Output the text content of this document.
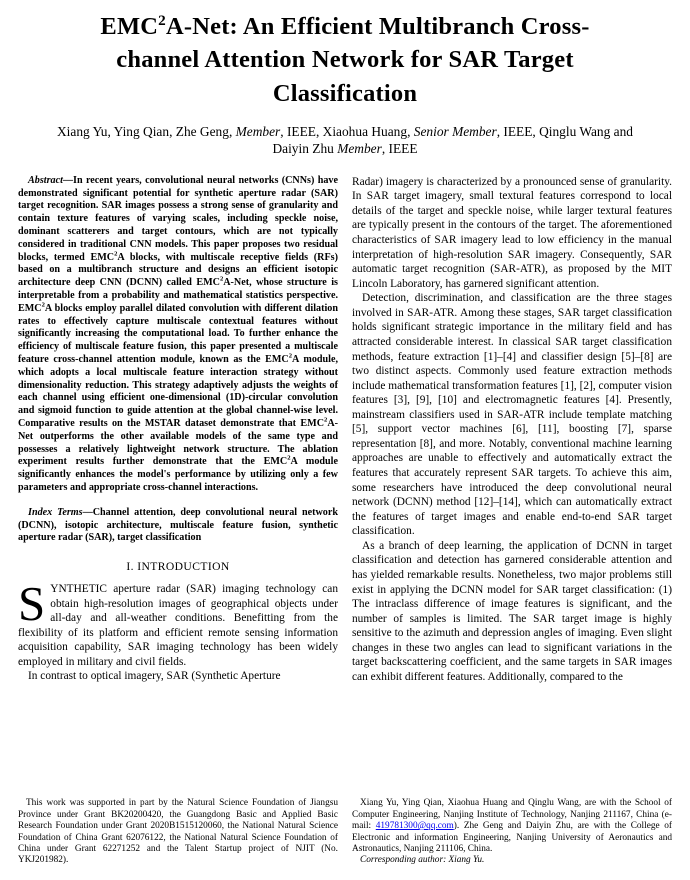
EMC$^2$A-Net: An Efficient Multibranch Cross-channel Attention Network for SAR Target Classification
Xiang Yu, Ying Qian, Zhe Geng, Member, IEEE, Xiaohua Huang, Senior Member, IEEE, Qinglu Wang and Daiyin Zhu Member, IEEE

Abstract—In recent years, convolutional neural networks (CNNs) have demonstrated significant potential for synthetic aperture radar (SAR) target recognition. SAR images possess a strong sense of granularity and contain texture features of varying scales, including speckle noise, dominant scatterers and target contours, which are not typically considered in traditional CNN models. This paper proposes two residual blocks, termed EMC$^2$A blocks, with multiscale receptive fields (RFs) based on a multibranch structure and designs an efficient isotopic architecture deep CNN (DCNN) called EMC$^2$A-Net, whose structure is interpretable from a probability and mathematical statistics perspective. EMC$^2$A blocks employ parallel dilated convolution with different dilation rates to effectively capture multiscale contextual features without significantly increasing the computational load. To further enhance the efficiency of multiscale feature fusion, this paper presented a multiscale feature cross-channel attention module, known as the EMC$^2$A module, which adopts a local multiscale feature interaction strategy without dimensionality reduction. This strategy adaptively adjusts the weights of each channel using efficient one-dimensional (1D)-circular convolution and sigmoid function to guide attention at the global channel-wise level. Comparative results on the MSTAR dataset demonstrate that EMC$^2$A-Net outperforms the other available models of the same type and possesses a relatively lightweight network structure. The ablation experiment results further demonstrate that the EMC$^2$A module significantly enhances the model's performance by utilizing only a few parameters and appropriate cross-channel interactions.

Index Terms—Channel attention, deep convolutional neural network (DCNN), isotopic architecture, multiscale feature fusion, synthetic aperture radar (SAR), target classification

I. INTRODUCTION

SYNTHETIC aperture radar (SAR) imaging technology can obtain high-resolution images of geographical objects under all-day and all-weather conditions. Benefitting from the flexibility of its platform and efficient remote sensing information acquisition capability, SAR imaging technology has been widely employed in military and civil fields.

In contrast to optical imagery, SAR (Synthetic Aperture

This work was supported in part by the Natural Science Foundation of Jiangsu Province under Grant BK20200420, the Guangdong Basic and Applied Basic Research Foundation under Grant 2020B1515120060, the National Natural Science Foundation of China Grant 62076122, the National Natural Science Foundation of China under Grant 62271252 and the Talent Startup project of NJIT (No. YKJ201982).

Radar) imagery is characterized by a pronounced sense of granularity. In SAR target imagery, small textural features correspond to local details of the target and speckle noise, while larger textural features are typically present in the contours of the target. The aforementioned characteristics of SAR imagery lead to low efficiency in the manual interpretation of high-resolution SAR imagery. Consequently, SAR automatic target recognition (SAR-ATR), as proposed by the MIT Lincoln Laboratory, has garnered significant attention.

Detection, discrimination, and classification are the three stages involved in SAR-ATR. Among these stages, SAR target classification holds significant strategic importance in the military field and has attracted considerable interest. In classical SAR target classification methods, feature extraction [1]–[4] and classifier design [5]–[8] are two distinct aspects. Commonly used feature extraction methods include mathematical transformation features [1], [2], computer vision features [3], [9], [10] and electromagnetic features [4]. Presently, mainstream classifiers used in SAR-ATR include template matching [5], support vector machines [6], [11], boosting [7], sparse representation [8], and more. Notably, conventional machine learning approaches are unable to effectively and automatically extract the features that accurately represent SAR targets. To achieve this aim, some researchers have introduced the deep convolutional neural network (DCNN) method [12]–[14], which can automatically extract the features of target images and enable end-to-end SAR target classification.

As a branch of deep learning, the application of DCNN in target classification and detection has garnered considerable attention and has yielded remarkable results. Nonetheless, two major problems still exist in applying the DCNN model for SAR target classification: (1) The intraclass difference of image features is significant, and the number of samples is limited. The SAR target image is highly sensitive to the azimuth and depression angles of imaging. Even slight changes in these two angles can lead to significant variations in the target backscattering coefficient, and the same targets in SAR images can exhibit different features. Additionally, compared to the

Xiang Yu, Ying Qian, Xiaohua Huang and Qinglu Wang, are with the School of Computer Engineering, Nanjing Institute of Technology, Nanjing 211167, China (e-mail: 419781300@qq.com). Zhe Geng and Daiyin Zhu, are with the College of Electronic and information Engineering, Nanjing University of Aeronautics and Astronautics, Nanjing 211106, China.

Corresponding author: Xiang Yu.
